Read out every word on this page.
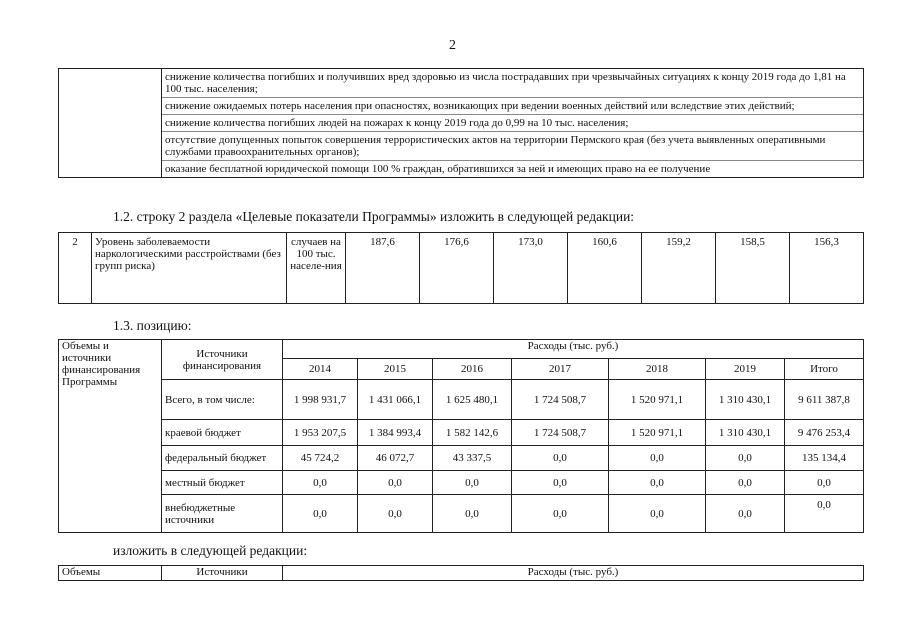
2

снижение количества погибших и получивших вред здоровью из числа пострадавших при чрезвычайных ситуациях к концу 2019 года до 1,81 на 100 тыс. населения;
снижение ожидаемых потерь населения при опасностях, возникающих при ведении военных действий или вследствие этих действий;
снижение количества погибших людей на пожарах к концу 2019 года до 0,99 на 10 тыс. населения;
отсутствие допущенных попыток совершения террористических актов на территории Пермского края (без учета выявленных оперативными службами правоохранительных органов);
оказание бесплатной юридической помощи 100 % граждан, обратившихся за ней и имеющих право на ее получение
1.2. строку 2 раздела «Целевые показатели Программы» изложить в следующей редакции:
2	Уровень заболеваемости наркологическими расстройствами (без групп риска)	случаев на 100 тыс. населе-ния	187,6	176,6	173,0	160,6	159,2	158,5	156,3
1.3. позицию:
Объемы и источники финансирования Программы	Источники финансирования	Расходы (тыс. руб.)						
		2014	2015	2016	2017	2018	2019	Итого
	Всего, в том числе:	1 998 931,7	1 431 066,1	1 625 480,1	1 724 508,7	1 520 971,1	1 310 430,1	9 611 387,8
	краевой бюджет	1 953 207,5	1 384 993,4	1 582 142,6	1 724 508,7	1 520 971,1	1 310 430,1	9 476 253,4
	федеральный бюджет	45 724,2	46 072,7	43 337,5	0,0	0,0	0,0	135 134,4
	местный бюджет	0,0	0,0	0,0	0,0	0,0	0,0	0,0
	внебюджетные источники	0,0	0,0	0,0	0,0	0,0	0,0	0,0
изложить в следующей редакции:
Объемы	Источники	Расходы (тыс. руб.)
